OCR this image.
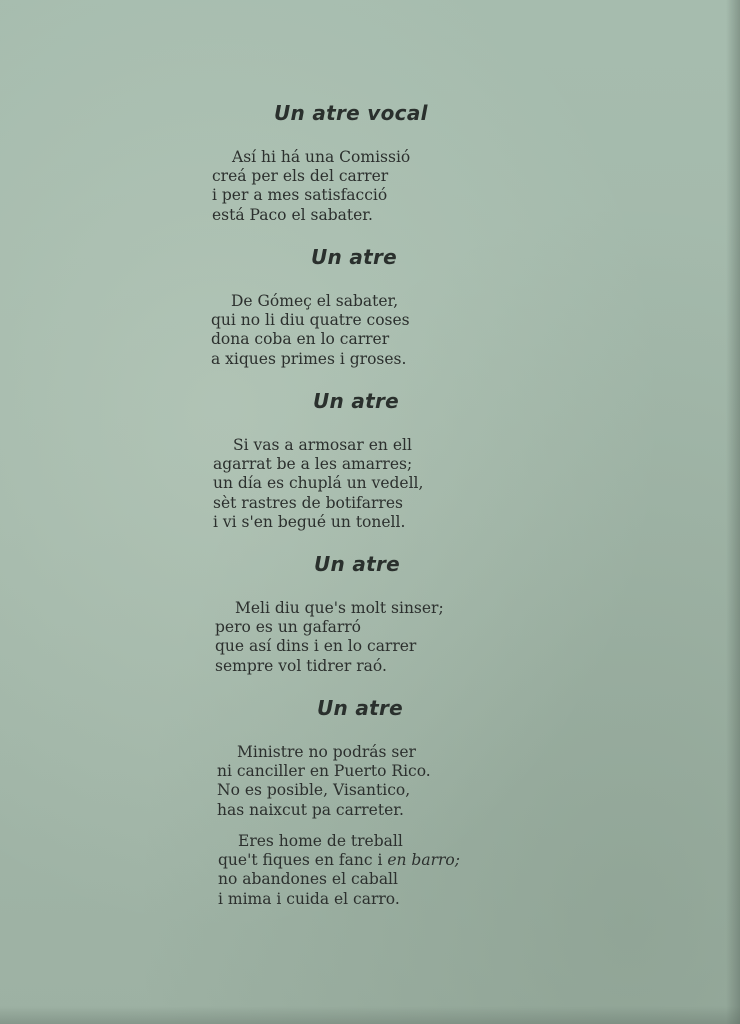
Un atre vocal
Así hi há una Comissió
creá per els del carrer
i per a mes satisfacció
está Paco el sabater.
Un atre
De Gómeç el sabater,
qui no li diu quatre coses
dona coba en lo carrer
a xiques primes i groses.
Un atre
Si vas a armosar en ell
agarrat be a les amarres;
un día es chuplá un vedell,
sèt rastres de botifarres
i vi s'en begué un tonell.
Un atre
Meli diu que's molt sinser;
pero es un gafarró
que así dins i en lo carrer
sempre vol tidrer raó.
Un atre
Ministre no podrás ser
ni canciller en Puerto Rico.
No es posible, Visantico,
has naixcut pa carreter.
Eres home de treball
que't fiques en fanc i en barro;
no abandones el caball
i mima i cuida el carro.
